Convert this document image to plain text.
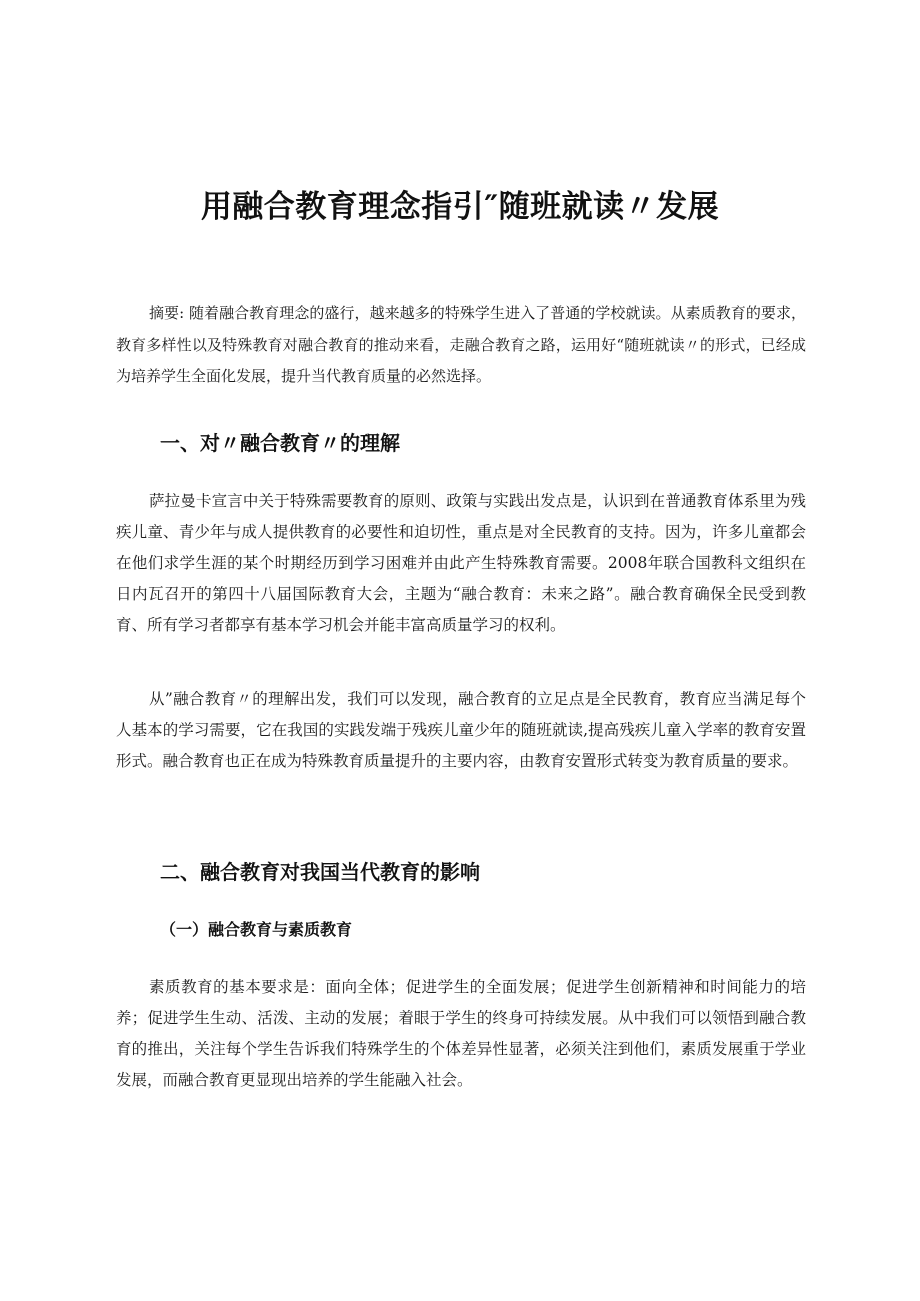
用融合教育理念指引″随班就读〃发展

摘要: 随着融合教育理念的盛行，越来越多的特殊学生进入了普通的学校就读。从素质教育的要求，教育多样性以及特殊教育对融合教育的推动来看，走融合教育之路，运用好“随班就读〃的形式，已经成为培养学生全面化发展，提升当代教育质量的必然选择。

一、对〃融合教育〃的理解

萨拉曼卡宣言中关于特殊需要教育的原则、政策与实践出发点是，认识到在普通教育体系里为残疾儿童、青少年与成人提供教育的必要性和迫切性，重点是对全民教育的支持。因为，许多儿童都会在他们求学生涯的某个时期经历到学习困难并由此产生特殊教育需要。2008年联合国教科文组织在日内瓦召开的第四十八届国际教育大会，主题为“融合教育：未来之路”。融合教育确保全民受到教育、所有学习者都享有基本学习机会并能丰富高质量学习的权利。

从”融合教育〃的理解出发，我们可以发现，融合教育的立足点是全民教育，教育应当满足每个人基本的学习需要，它在我国的实践发端于残疾儿童少年的随班就读,提高残疾儿童入学率的教育安置形式。融合教育也正在成为特殊教育质量提升的主要内容，由教育安置形式转变为教育质量的要求。

二、融合教育对我国当代教育的影响
（一）融合教育与素质教育

素质教育的基本要求是：面向全体；促进学生的全面发展；促进学生创新精神和时间能力的培养；促进学生生动、活泼、主动的发展；着眼于学生的终身可持续发展。从中我们可以领悟到融合教育的推出，关注每个学生告诉我们特殊学生的个体差异性显著，必须关注到他们，素质发展重于学业发展，而融合教育更显现出培养的学生能融入社会。
